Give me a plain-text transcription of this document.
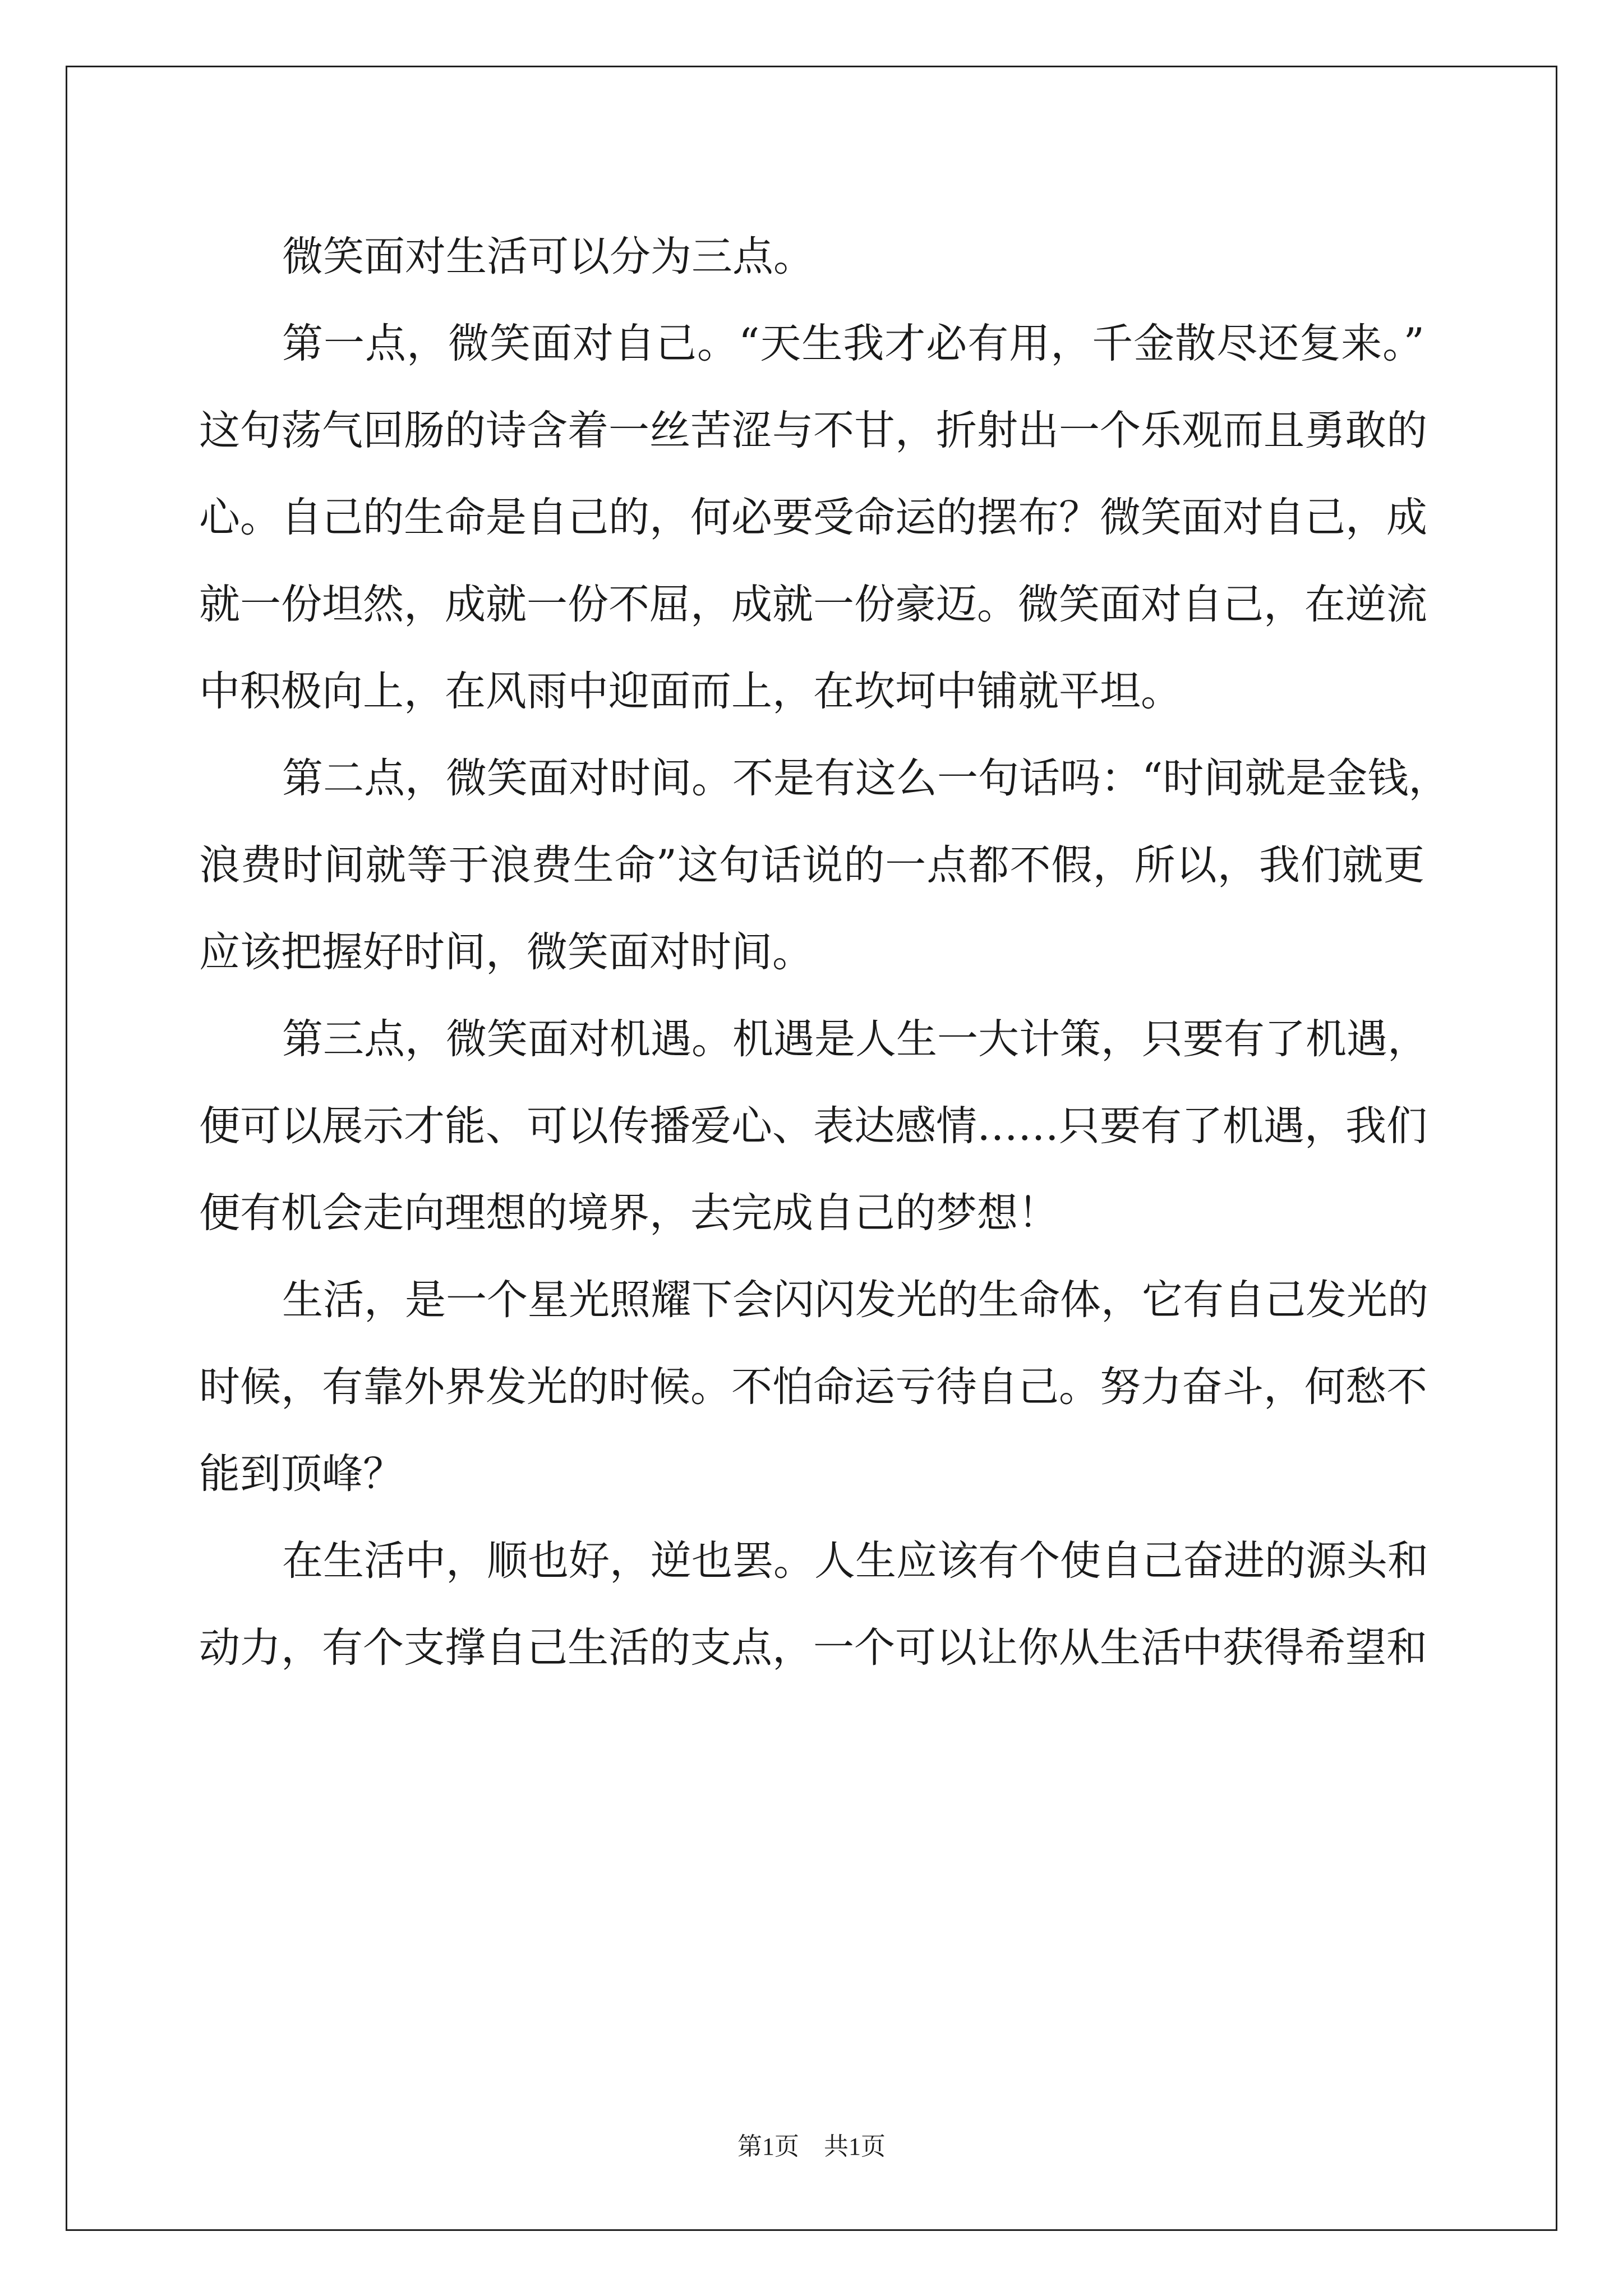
微笑面对生活可以分为三点。
第一点，微笑面对自己。“天生我才必有用，千金散尽还复来。”
这句荡气回肠的诗含着一丝苦涩与不甘，折射出一个乐观而且勇敢的
心。自己的生命是自己的，何必要受命运的摆布？微笑面对自己，成
就一份坦然，成就一份不屈，成就一份豪迈。微笑面对自己，在逆流
中积极向上，在风雨中迎面而上，在坎坷中铺就平坦。
第二点，微笑面对时间。不是有这么一句话吗：“时间就是金钱，
浪费时间就等于浪费生命”这句话说的一点都不假，所以，我们就更
应该把握好时间，微笑面对时间。
第三点，微笑面对机遇。机遇是人生一大计策，只要有了机遇，
便可以展示才能、可以传播爱心、表达感情……只要有了机遇，我们
便有机会走向理想的境界，去完成自己的梦想！
生活，是一个星光照耀下会闪闪发光的生命体，它有自己发光的
时候，有靠外界发光的时候。不怕命运亏待自己。努力奋斗，何愁不
能到顶峰？
在生活中，顺也好，逆也罢。人生应该有个使自己奋进的源头和
动力，有个支撑自己生活的支点，一个可以让你从生活中获得希望和
第1页 共1页
